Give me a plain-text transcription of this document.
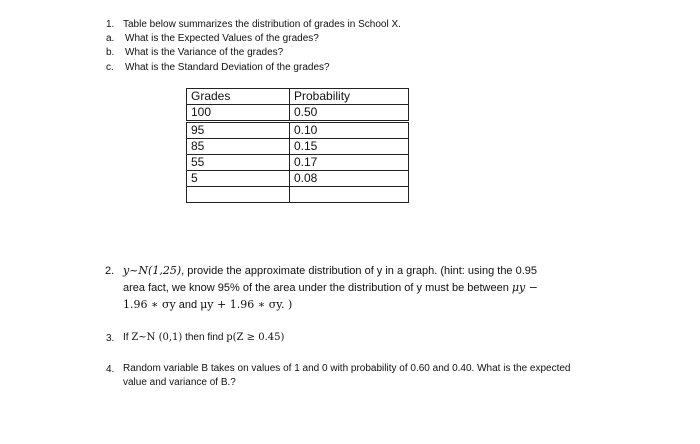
1. Table below summarizes the distribution of grades in School X.
a. What is the Expected Values of the grades?
b. What is the Variance of the grades?
c. What is the Standard Deviation of the grades?
Grades	Probability
100	0.50
95	0.10
85	0.15
55	0.17
5	0.08

2. y~N(1,25), provide the approximate distribution of y in a graph. (hint: using the 0.95
area fact, we know 95% of the area under the distribution of y must be between μy −
1.96 ∗ σy and μy + 1.96 ∗ σy. )
3. If Z~N (0,1) then find p(Z ≥ 0.45)
4. Random variable B takes on values of 1 and 0 with probability of 0.60 and 0.40. What is the expected
value and variance of B.?
